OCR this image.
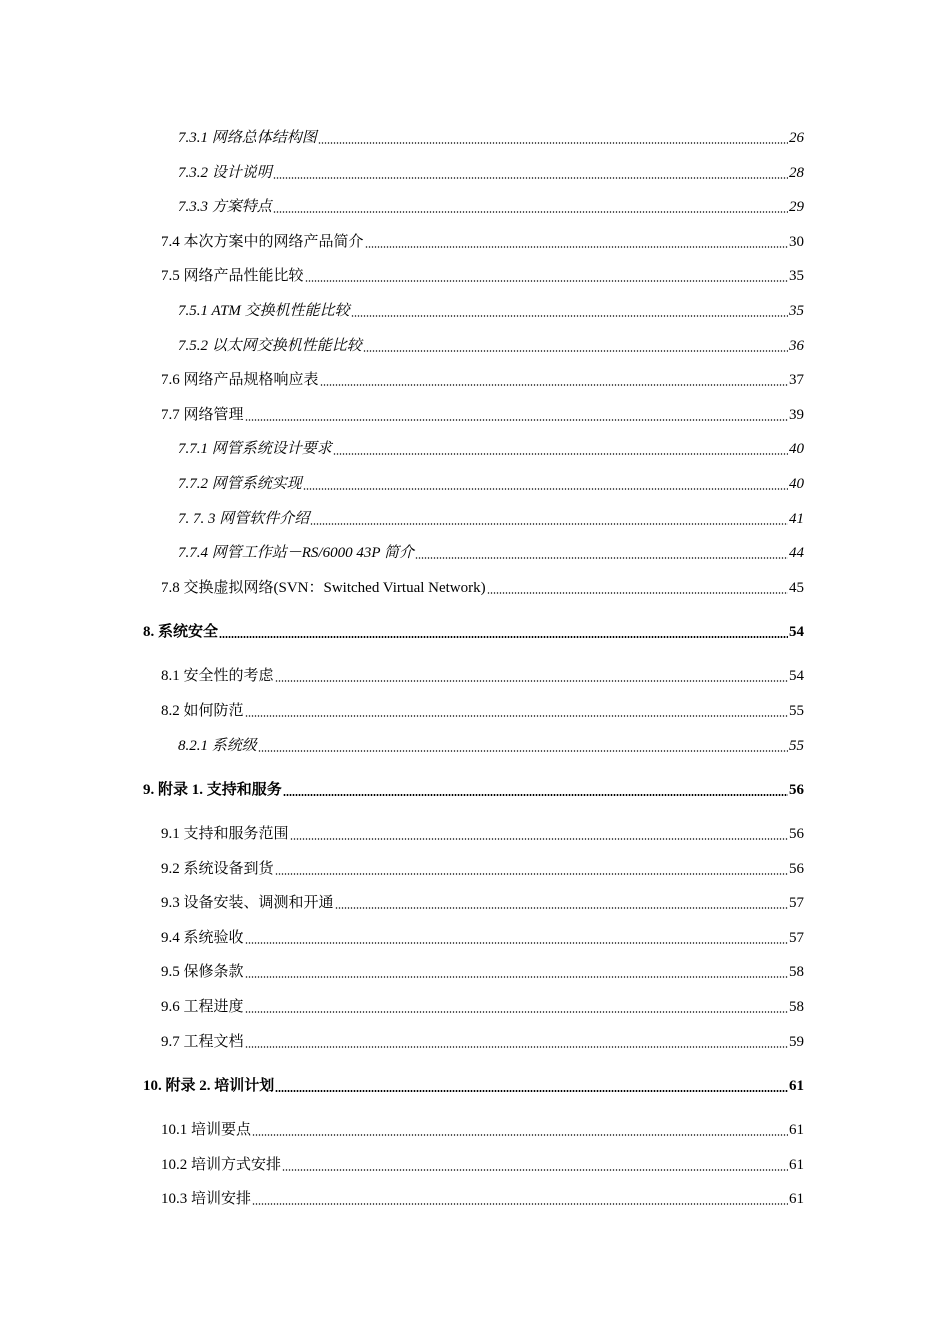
7.3.1 网络总体结构图	26
7.3.2 设计说明	28
7.3.3 方案特点	29
7.4 本次方案中的网络产品简介	30
7.5 网络产品性能比较	35
7.5.1 ATM 交换机性能比较	35
7.5.2 以太网交换机性能比较	36
7.6 网络产品规格响应表	37
7.7 网络管理	39
7.7.1 网管系统设计要求	40
7.7.2 网管系统实现	40
7. 7. 3 网管软件介绍	41
7.7.4 网管工作站－RS/6000 43P 简介	44
7.8 交换虚拟网络(SVN：Switched Virtual Network)	45
8. 系统安全	54
8.1 安全性的考虑	54
8.2 如何防范	55
8.2.1 系统级	55
9. 附录 1. 支持和服务	56
9.1 支持和服务范围	56
9.2 系统设备到货	56
9.3 设备安装、调测和开通	57
9.4 系统验收	57
9.5 保修条款	58
9.6 工程进度	58
9.7 工程文档	59
10. 附录 2. 培训计划	61
10.1 培训要点	61
10.2 培训方式安排	61
10.3 培训安排	61
